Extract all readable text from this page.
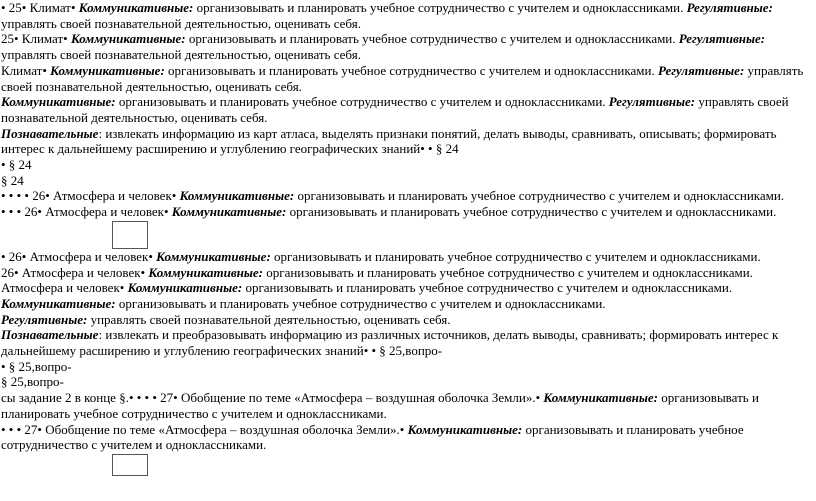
• 25• Климат• Коммуникативные: организовывать и планировать учебное сотрудничество с учителем и одноклассниками. Регулятивные: управлять своей познавательной деятельностью, оценивать себя.

25• Климат• Коммуникативные: организовывать и планировать учебное сотрудничество с учителем и одноклассниками. Регулятивные: управлять своей познавательной деятельностью, оценивать себя.

Климат• Коммуникативные: организовывать и планировать учебное сотрудничество с учителем и одноклассниками. Регулятивные: управлять своей познавательной деятельностью, оценивать себя.

Коммуникативные: организовывать и планировать учебное сотрудничество с учителем и одноклассниками. Регулятивные: управлять своей познавательной деятельностью, оценивать себя.

Познавательные: извлекать информацию из карт атласа, выделять признаки понятий, делать выводы, сравнивать, описывать; формировать интерес к дальнейшему расширению и углублению географических знаний• • § 24

• § 24

§ 24

• • • • 26• Атмосфера и человек• Коммуникативные: организовывать и планировать учебное сотрудничество с учителем и одноклассниками.

• • • 26• Атмосфера и человек• Коммуникативные: организовывать и планировать учебное сотрудничество с учителем и одноклассниками.

• 26• Атмосфера и человек• Коммуникативные: организовывать и планировать учебное сотрудничество с учителем и одноклассниками.

26• Атмосфера и человек• Коммуникативные: организовывать и планировать учебное сотрудничество с учителем и одноклассниками.

Атмосфера и человек• Коммуникативные: организовывать и планировать учебное сотрудничество с учителем и одноклассниками.

Коммуникативные: организовывать и планировать учебное сотрудничество с учителем и одноклассниками.

Регулятивные: управлять своей познавательной деятельностью, оценивать себя.

Познавательные: извлекать и преобразовывать информацию из различных источников, делать выводы, сравнивать; формировать интерес к дальнейшему расширению и углублению географических знаний• • § 25,вопро-

• § 25,вопро-

§ 25,вопро-

сы задание 2 в конце §.• • • • 27• Обобщение по теме «Атмосфера – воздушная оболочка Земли».• Коммуникативные: организовывать и планировать учебное сотрудничество с учителем и одноклассниками.

• • • 27• Обобщение по теме «Атмосфера – воздушная оболочка Земли».• Коммуникативные: организовывать и планировать учебное сотрудничество с учителем и одноклассниками.
